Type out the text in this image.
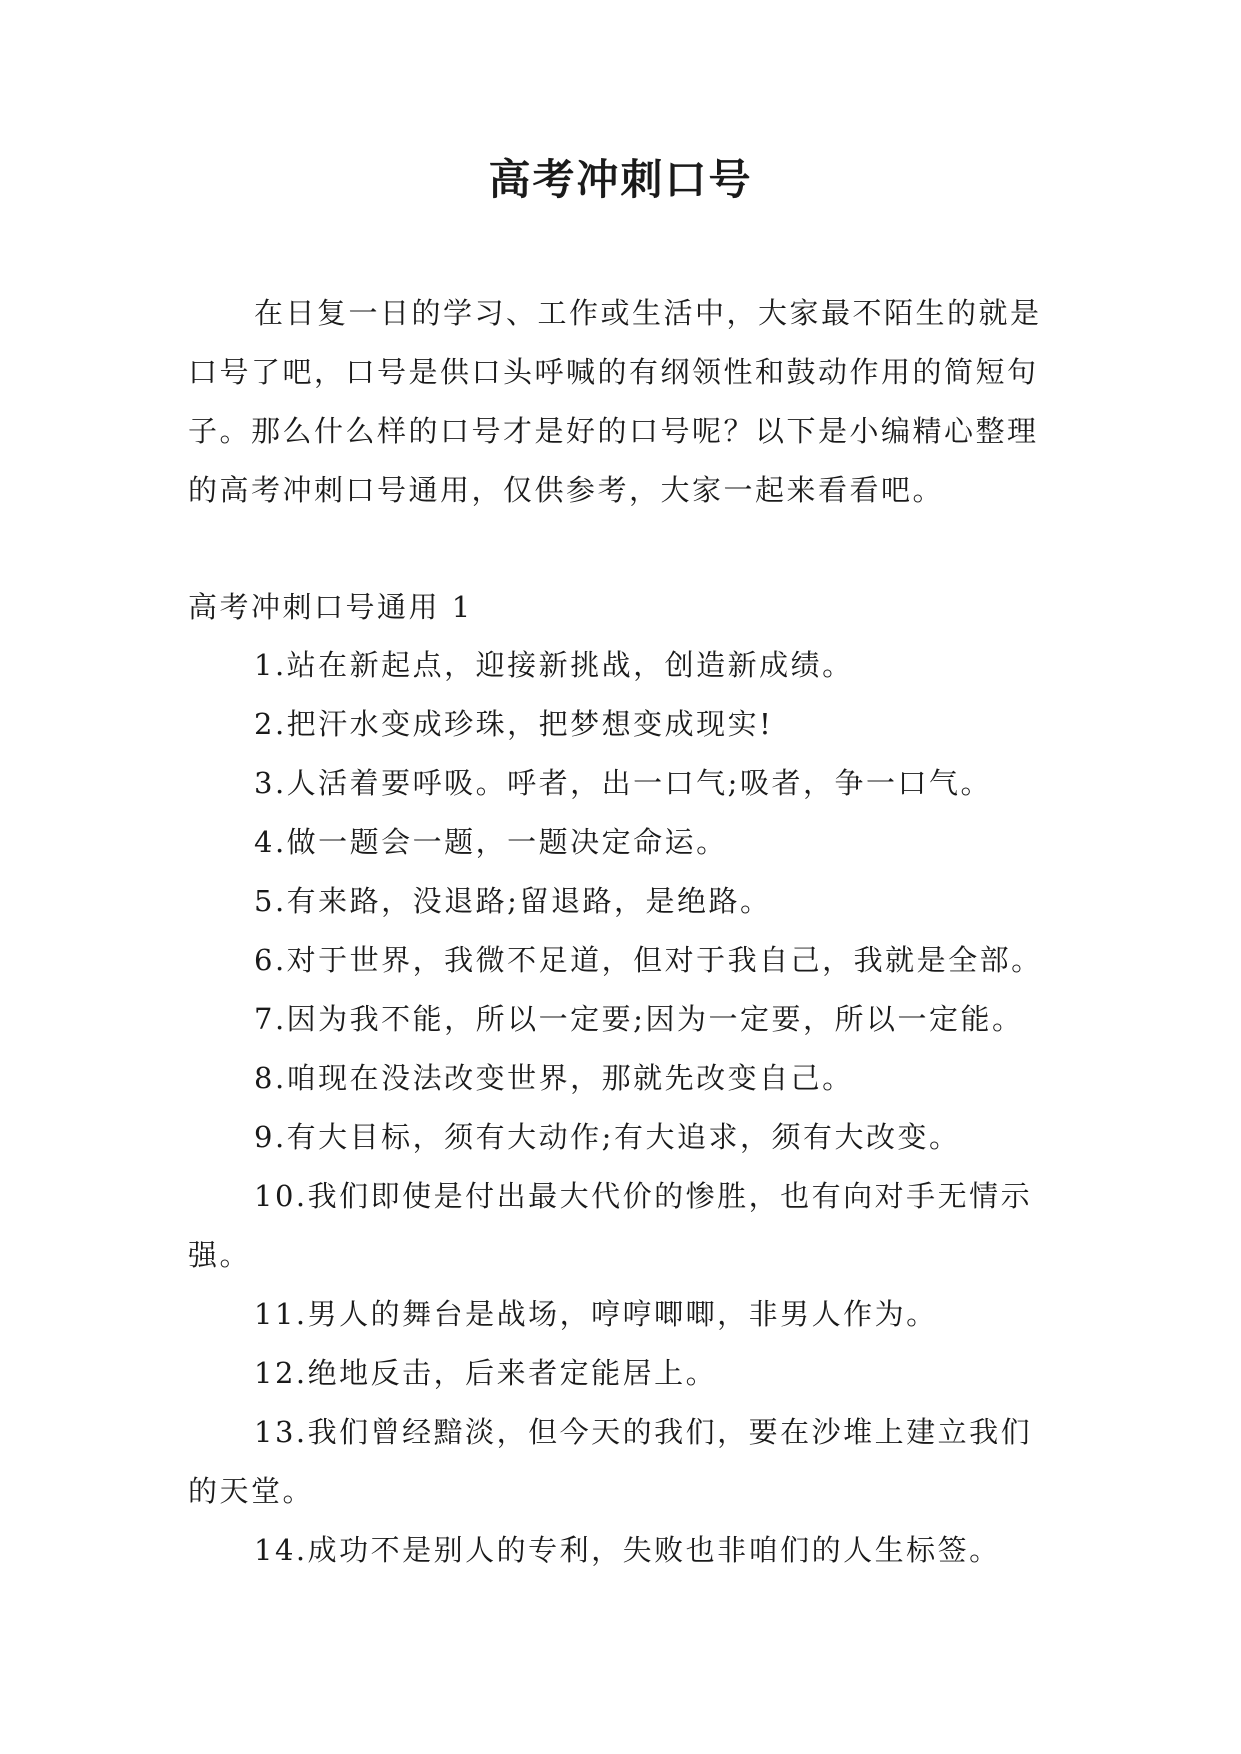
高考冲刺口号

在日复一日的学习、工作或生活中，大家最不陌生的就是口号了吧，口号是供口头呼喊的有纲领性和鼓动作用的简短句子。那么什么样的口号才是好的口号呢？以下是小编精心整理的高考冲刺口号通用，仅供参考，大家一起来看看吧。

高考冲刺口号通用 1
1.站在新起点，迎接新挑战，创造新成绩。
2.把汗水变成珍珠，把梦想变成现实!
3.人活着要呼吸。呼者，出一口气;吸者，争一口气。
4.做一题会一题，一题决定命运。
5.有来路，没退路;留退路，是绝路。
6.对于世界，我微不足道，但对于我自己，我就是全部。
7.因为我不能，所以一定要;因为一定要，所以一定能。
8.咱现在没法改变世界，那就先改变自己。
9.有大目标，须有大动作;有大追求，须有大改变。
10.我们即使是付出最大代价的惨胜，也有向对手无情示强。
11.男人的舞台是战场，哼哼唧唧，非男人作为。
12.绝地反击，后来者定能居上。
13.我们曾经黯淡，但今天的我们，要在沙堆上建立我们的天堂。
14.成功不是别人的专利，失败也非咱们的人生标签。
